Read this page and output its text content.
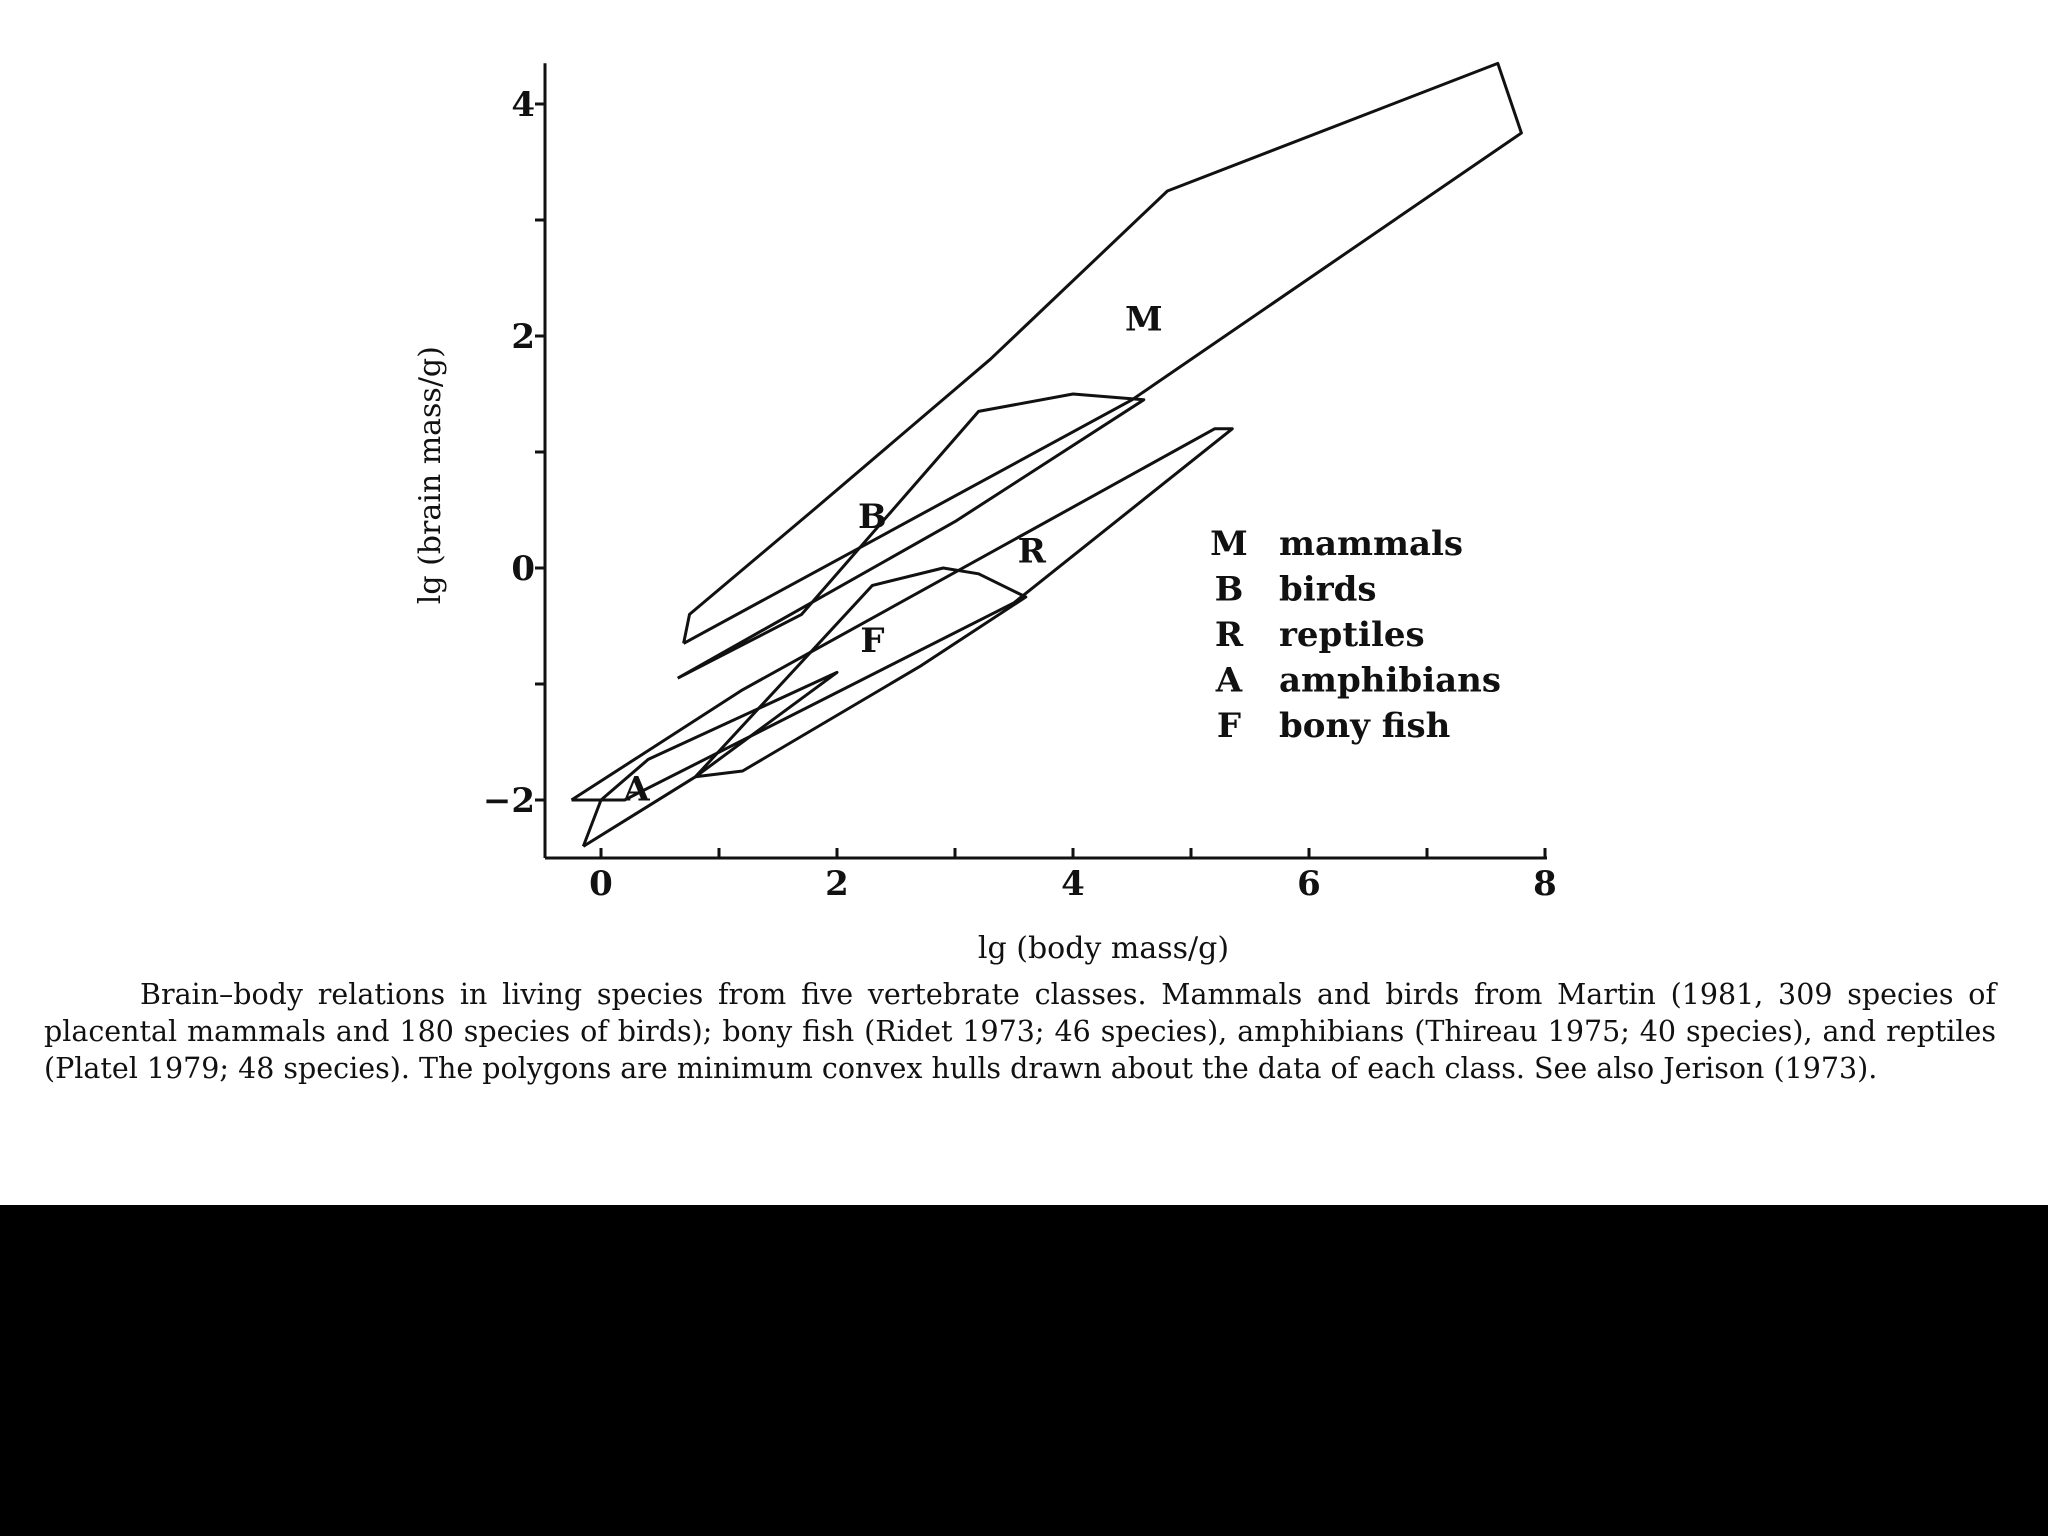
0	2	4	6	8
−2
0
2
4
M
B
R
A
F
M mammals
B birds
R reptiles
A amphibians
F bony fish
lg (body mass/g)
lg (brain mass/g)
Brain–body relations in living species from five vertebrate classes. Mammals and birds from Martin (1981, 309 species of placental mammals and 180 species of birds); bony fish (Ridet 1973; 46 species), amphibians (Thireau 1975; 40 species), and reptiles (Platel 1979; 48 species). The polygons are minimum convex hulls drawn about the data of each class. See also Jerison (1973).
